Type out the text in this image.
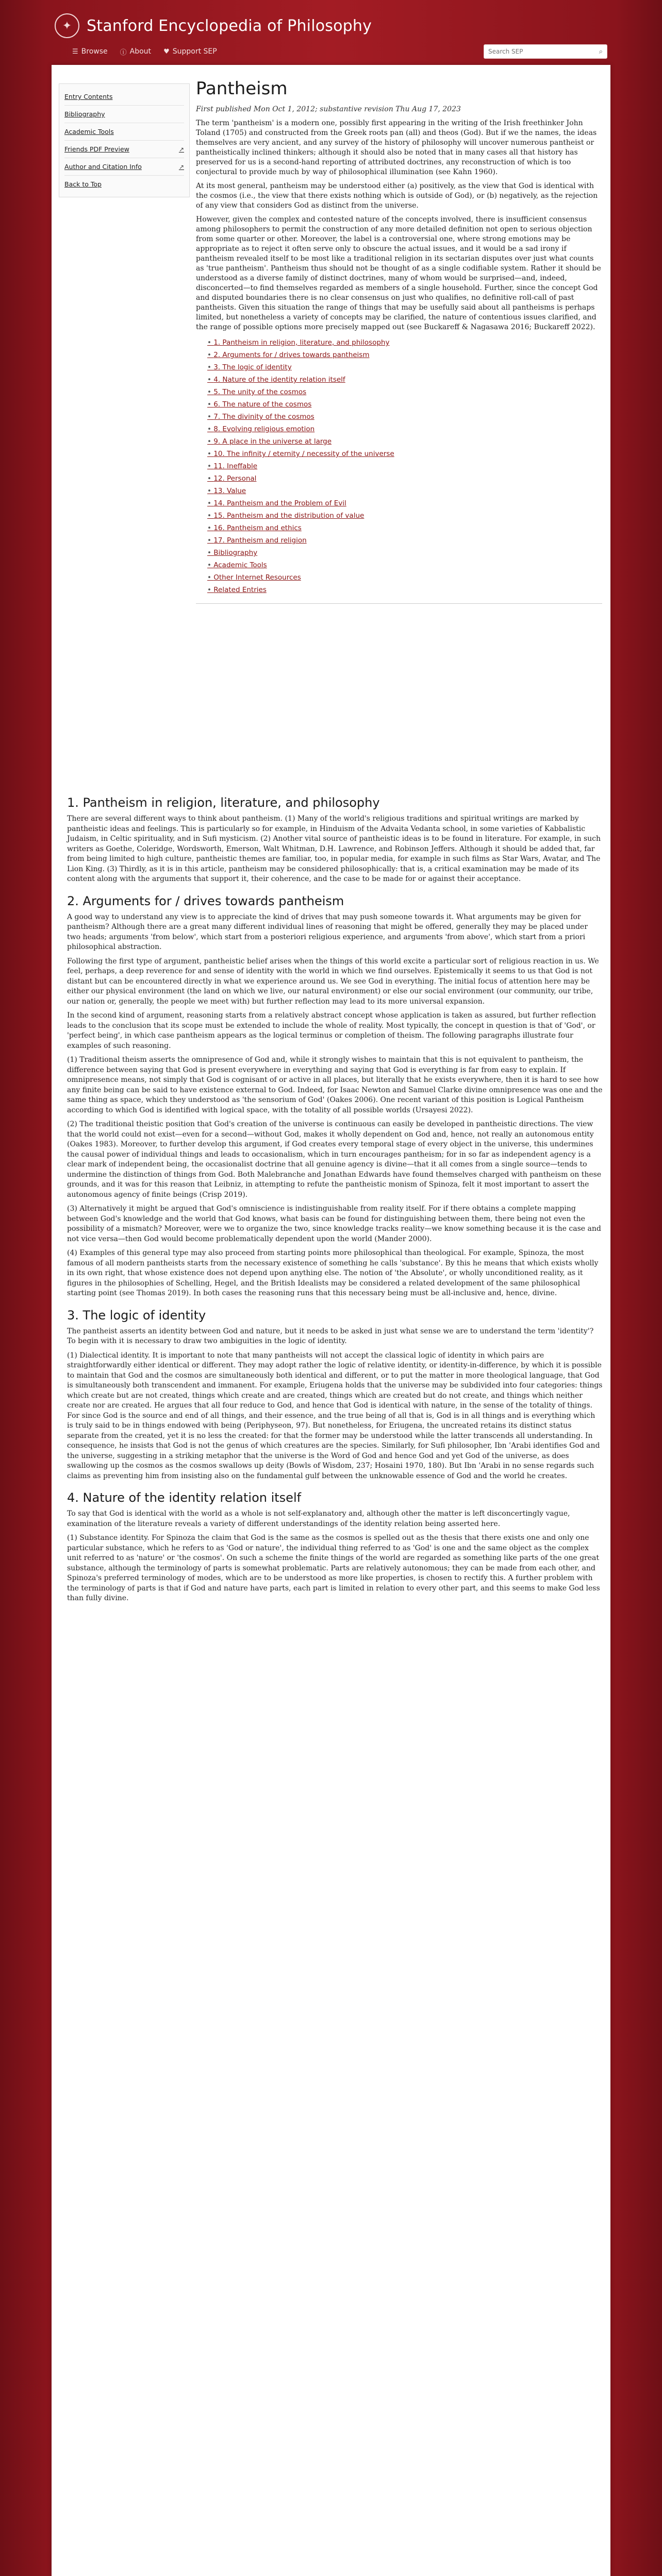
✦ Stanford Encyclopedia of Philosophy
☰ Browse ⓘ About ♥ Support SEP
Search SEP	⌕
Entry Contents
Bibliography
Academic Tools
Friends PDF Preview	↗
Author and Citation Info	↗
Back to Top
Pantheism
First published Mon Oct 1, 2012; substantive revision Thu Aug 17, 2023

The term 'pantheism' is a modern one, possibly first appearing in the writing of the Irish freethinker John Toland (1705) and constructed from the Greek roots pan (all) and theos (God). But if we the names, the ideas themselves are very ancient, and any survey of the history of philosophy will uncover numerous pantheist or pantheistically inclined thinkers; although it should also be noted that in many cases all that history has preserved for us is a second-hand reporting of attributed doctrines, any reconstruction of which is too conjectural to provide much by way of philosophical illumination (see Kahn 1960).

At its most general, pantheism may be understood either (a) positively, as the view that God is identical with the cosmos (i.e., the view that there exists nothing which is outside of God), or (b) negatively, as the rejection of any view that considers God as distinct from the universe.

However, given the complex and contested nature of the concepts involved, there is insufficient consensus among philosophers to permit the construction of any more detailed definition not open to serious objection from some quarter or other. Moreover, the label is a controversial one, where strong emotions may be appropriate as to reject it often serve only to obscure the actual issues, and it would be a sad irony if pantheism revealed itself to be most like a traditional religion in its sectarian disputes over just what counts as 'true pantheism'. Pantheism thus should not be thought of as a single codifiable system. Rather it should be understood as a diverse family of distinct doctrines, many of whom would be surprised—and, indeed, disconcerted—to find themselves regarded as members of a single household. Further, since the concept God and disputed boundaries there is no clear consensus on just who qualifies, no definitive roll-call of past pantheists. Given this situation the range of things that may be usefully said about all pantheisms is perhaps limited, but nonetheless a variety of concepts may be clarified, the nature of contentious issues clarified, and the range of possible options more precisely mapped out (see Buckareff & Nagasawa 2016; Buckareff 2022).

• 1. Pantheism in religion, literature, and philosophy
• 2. Arguments for / drives towards pantheism
• 3. The logic of identity
• 4. Nature of the identity relation itself
• 5. The unity of the cosmos
• 6. The nature of the cosmos
• 7. The divinity of the cosmos
• 8. Evolving religious emotion
• 9. A place in the universe at large
• 10. The infinity / eternity / necessity of the universe
• 11. Ineffable
• 12. Personal
• 13. Value
• 14. Pantheism and the Problem of Evil
• 15. Pantheism and the distribution of value
• 16. Pantheism and ethics
• 17. Pantheism and religion
• Bibliography
• Academic Tools
• Other Internet Resources
• Related Entries
1. Pantheism in religion, literature, and philosophy

There are several different ways to think about pantheism. (1) Many of the world's religious traditions and spiritual writings are marked by pantheistic ideas and feelings. This is particularly so for example, in Hinduism of the Advaita Vedanta school, in some varieties of Kabbalistic Judaism, in Celtic spirituality, and in Sufi mysticism. (2) Another vital source of pantheistic ideas is to be found in literature. For example, in such writers as Goethe, Coleridge, Wordsworth, Emerson, Walt Whitman, D.H. Lawrence, and Robinson Jeffers. Although it should be added that, far from being limited to high culture, pantheistic themes are familiar, too, in popular media, for example in such films as Star Wars, Avatar, and The Lion King. (3) Thirdly, as it is in this article, pantheism may be considered philosophically: that is, a critical examination may be made of its content along with the arguments that support it, their coherence, and the case to be made for or against their acceptance.

2. Arguments for / drives towards pantheism

A good way to understand any view is to appreciate the kind of drives that may push someone towards it. What arguments may be given for pantheism? Although there are a great many different individual lines of reasoning that might be offered, generally they may be placed under two heads; arguments 'from below', which start from a posteriori religious experience, and arguments 'from above', which start from a priori philosophical abstraction.

Following the first type of argument, pantheistic belief arises when the things of this world excite a particular sort of religious reaction in us. We feel, perhaps, a deep reverence for and sense of identity with the world in which we find ourselves. Epistemically it seems to us that God is not distant but can be encountered directly in what we experience around us. We see God in everything. The initial focus of attention here may be either our physical environment (the land on which we live, our natural environment) or else our social environment (our community, our tribe, our nation or, generally, the people we meet with) but further reflection may lead to its more universal expansion.

In the second kind of argument, reasoning starts from a relatively abstract concept whose application is taken as assured, but further reflection leads to the conclusion that its scope must be extended to include the whole of reality. Most typically, the concept in question is that of 'God', or 'perfect being', in which case pantheism appears as the logical terminus or completion of theism. The following paragraphs illustrate four examples of such reasoning.

(1) Traditional theism asserts the omnipresence of God and, while it strongly wishes to maintain that this is not equivalent to pantheism, the difference between saying that God is present everywhere in everything and saying that God is everything is far from easy to explain. If omnipresence means, not simply that God is cognisant of or active in all places, but literally that he exists everywhere, then it is hard to see how any finite being can be said to have existence external to God. Indeed, for Isaac Newton and Samuel Clarke divine omnipresence was one and the same thing as space, which they understood as 'the sensorium of God' (Oakes 2006). One recent variant of this position is Logical Pantheism according to which God is identified with logical space, with the totality of all possible worlds (Ursayesi 2022).

(2) The traditional theistic position that God's creation of the universe is continuous can easily be developed in pantheistic directions. The view that the world could not exist—even for a second—without God, makes it wholly dependent on God and, hence, not really an autonomous entity (Oakes 1983). Moreover, to further develop this argument, if God creates every temporal stage of every object in the universe, this undermines the causal power of individual things and leads to occasionalism, which in turn encourages pantheism; for in so far as independent agency is a clear mark of independent being, the occasionalist doctrine that all genuine agency is divine—that it all comes from a single source—tends to undermine the distinction of things from God. Both Malebranche and Jonathan Edwards have found themselves charged with pantheism on these grounds, and it was for this reason that Leibniz, in attempting to refute the pantheistic monism of Spinoza, felt it most important to assert the autonomous agency of finite beings (Crisp 2019).

(3) Alternatively it might be argued that God's omniscience is indistinguishable from reality itself. For if there obtains a complete mapping between God's knowledge and the world that God knows, what basis can be found for distinguishing between them, there being not even the possibility of a mismatch? Moreover, were we to organize the two, since knowledge tracks reality—we know something because it is the case and not vice versa—then God would become problematically dependent upon the world (Mander 2000).

(4) Examples of this general type may also proceed from starting points more philosophical than theological. For example, Spinoza, the most famous of all modern pantheists starts from the necessary existence of something he calls 'substance'. By this he means that which exists wholly in its own right, that whose existence does not depend upon anything else. The notion of 'the Absolute', or wholly unconditioned reality, as it figures in the philosophies of Schelling, Hegel, and the British Idealists may be considered a related development of the same philosophical starting point (see Thomas 2019). In both cases the reasoning runs that this necessary being must be all-inclusive and, hence, divine.

3. The logic of identity

The pantheist asserts an identity between God and nature, but it needs to be asked in just what sense we are to understand the term 'identity'? To begin with it is necessary to draw two ambiguities in the logic of identity.

(1) Dialectical identity. It is important to note that many pantheists will not accept the classical logic of identity in which pairs are straightforwardly either identical or different. They may adopt rather the logic of relative identity, or identity-in-difference, by which it is possible to maintain that God and the cosmos are simultaneously both identical and different, or to put the matter in more theological language, that God is simultaneously both transcendent and immanent. For example, Eriugena holds that the universe may be subdivided into four categories: things which create but are not created, things which create and are created, things which are created but do not create, and things which neither create nor are created. He argues that all four reduce to God, and hence that God is identical with nature, in the sense of the totality of things. For since God is the source and end of all things, and their essence, and the true being of all that is, God is in all things and is everything which is truly said to be in things endowed with being (Periphyseon, 97). But nonetheless, for Eriugena, the uncreated retains its distinct status separate from the created, yet it is no less the created: for that the former may be understood while the latter transcends all understanding. In consequence, he insists that God is not the genus of which creatures are the species. Similarly, for Sufi philosopher, Ibn 'Arabi identifies God and the universe, suggesting in a striking metaphor that the universe is the Word of God and hence God and yet God of the universe, as does swallowing up the cosmos as the cosmos swallows up deity (Bowls of Wisdom, 237; Hosaini 1970, 180). But Ibn 'Arabi in no sense regards such claims as preventing him from insisting also on the fundamental gulf between the unknowable essence of God and the world he creates.

4. Nature of the identity relation itself

To say that God is identical with the world as a whole is not self-explanatory and, although other the matter is left disconcertingly vague, examination of the literature reveals a variety of different understandings of the identity relation being asserted here.

(1) Substance identity. For Spinoza the claim that God is the same as the cosmos is spelled out as the thesis that there exists one and only one particular substance, which he refers to as 'God or nature', the individual thing referred to as 'God' is one and the same object as the complex unit referred to as 'nature' or 'the cosmos'. On such a scheme the finite things of the world are regarded as something like parts of the one great substance, although the terminology of parts is somewhat problematic. Parts are relatively autonomous; they can be made from each other, and Spinoza's preferred terminology of modes, which are to be understood as more like properties, is chosen to rectify this. A further problem with the terminology of parts is that if God and nature have parts, each part is limited in relation to every other part, and this seems to make God less than fully divine.
